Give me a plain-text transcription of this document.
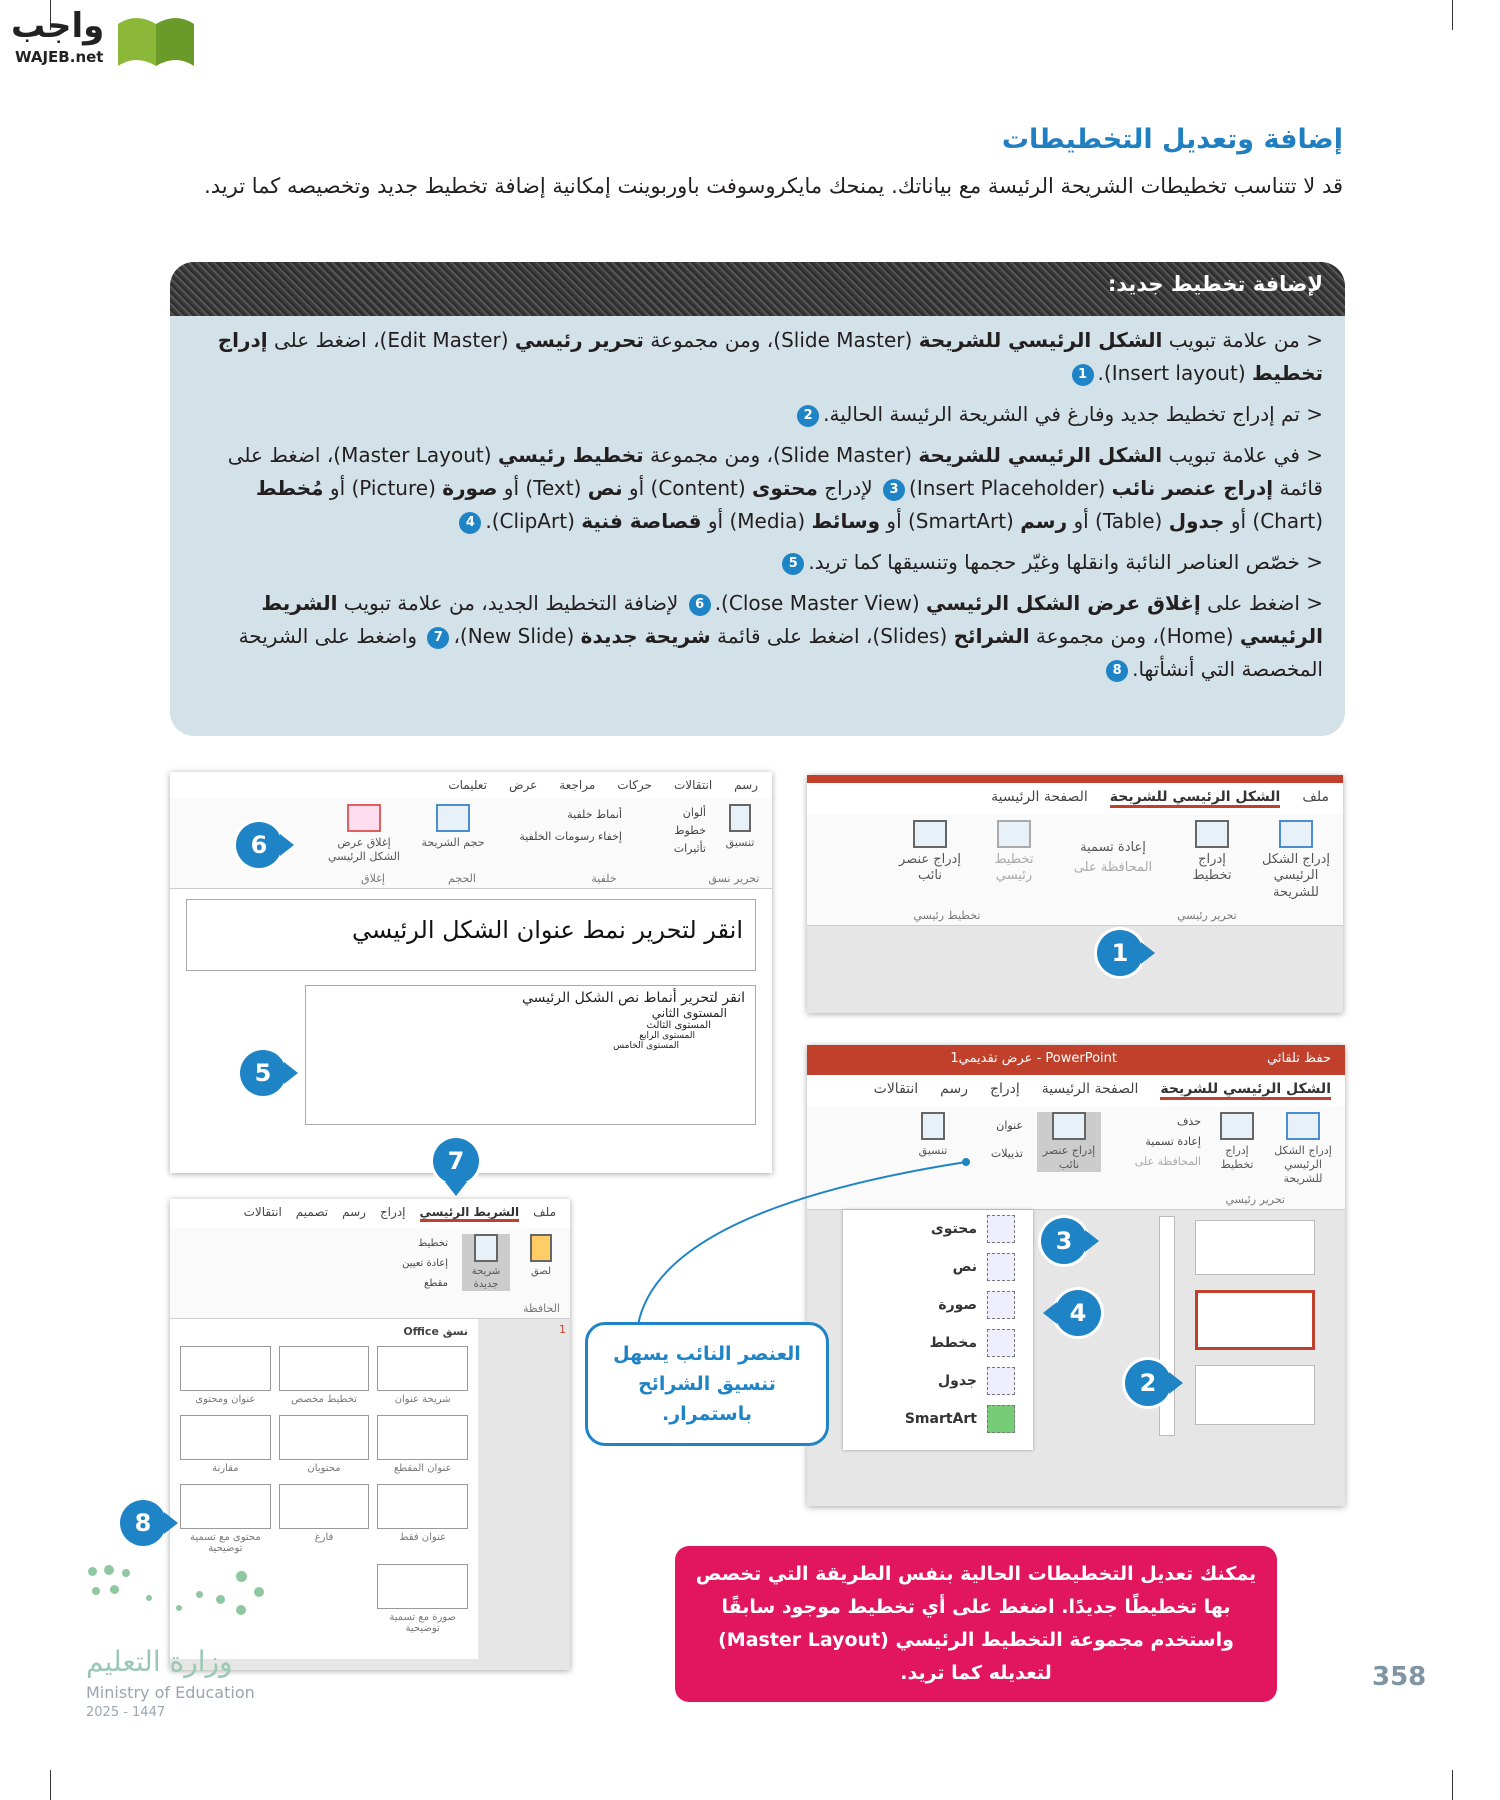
واجب
WAJEB.net
إضافة وتعديل التخطيطات

قد لا تتناسب تخطيطات الشريحة الرئيسة مع بياناتك. يمنحك مايكروسوفت باوربوينت إمكانية إضافة تخطيط جديد وتخصيصه كما تريد.

لإضافة تخطيط جديد:
< من علامة تبويب الشكل الرئيسي للشريحة (Slide Master)، ومن مجموعة تحرير رئيسي (Edit Master)، اضغط على إدراج تخطيط (Insert layout).1
< تم إدراج تخطيط جديد وفارغ في الشريحة الرئيسة الحالية.2
< في علامة تبويب الشكل الرئيسي للشريحة (Slide Master)، ومن مجموعة تخطيط رئيسي (Master Layout)، اضغط على قائمة إدراج عنصر نائب (Insert Placeholder)3 لإدراج محتوى (Content) أو نص (Text) أو صورة (Picture) أو مُخطط (Chart) أو جدول (Table) أو رسم (SmartArt) أو وسائط (Media) أو قصاصة فنية (ClipArt).4
< خصّص العناصر النائبة وانقلها وغيّر حجمها وتنسيقها كما تريد.5
< اضغط على إغلاق عرض الشكل الرئيسي (Close Master View).6 لإضافة التخطيط الجديد، من علامة تبويب الشريط الرئيسي (Home)، ومن مجموعة الشرائح (Slides)، اضغط على قائمة شريحة جديدة (New Slide)،7 واضغط على الشريحة المخصصة التي أنشأتها.8
ملف
الشكل الرئيسي للشريحة
الصفحة الرئيسية
إدراج الشكل الرئيسي للشريحة
إدراج تخطيط
إعادة تسمية
المحافظة على
تخطيط رئيسي
إدراج عنصر نائب
تحرير رئيسي
تخطيط رئيسي
1
رسم
انتقالات
حركات
مراجعة
عرض
تعليمات
تنسيق
ألوان
خطوط
تأثيرات
أنماط خلفية
إخفاء رسومات الخلفية
حجم الشريحة
إغلاق عرض الشكل الرئيسي
تحرير نسق
خلفية
الحجم
إغلاق
انقر لتحرير نمط عنوان الشكل الرئيسي
انقر لتحرير أنماط نص الشكل الرئيسي
المستوى الثاني
المستوى الثالث
المستوى الرابع
المستوى الخامس
6
5
حفظ تلقائي
PowerPoint - عرض تقديمي1
الشكل الرئيسي للشريحة
الصفحة الرئيسية
إدراج
رسم
انتقالات
إدراج الشكل الرئيسي للشريحة
إدراج تخطيط
حذف
إعادة تسمية
المحافظة على
إدراج عنصر نائب
عنوان
تذييلات
تنسيق
تحرير رئيسي
محتوى
نص
صورة
مخطط
جدول
SmartArt
3
4
2
ملف
الشريط الرئيسي
إدراج
رسم
تصميم
انتقالات
لصق
شريحة جديدة
تخطيط
إعادة تعيين
مقطع
الحافظة
1
نسق Office
شريحة عنوان
تخطيط مخصص
عنوان ومحتوى
عنوان المقطع
محتويان
مقارنة
عنوان فقط
فارغ
محتوى مع تسمية توضيحية
صورة مع تسمية توضيحية
7
8
العنصر النائب يسهل تنسيق الشرائح باستمرار.
يمكنك تعديل التخطيطات الحالية بنفس الطريقة التي تخصص بها تخطيطًا جديدًا. اضغط على أي تخطيط موجود سابقًا واستخدم مجموعة التخطيط الرئيسي (Master Layout) لتعديله كما تريد.
وزارة التعليم
Ministry of Education
2025 - 1447
358
